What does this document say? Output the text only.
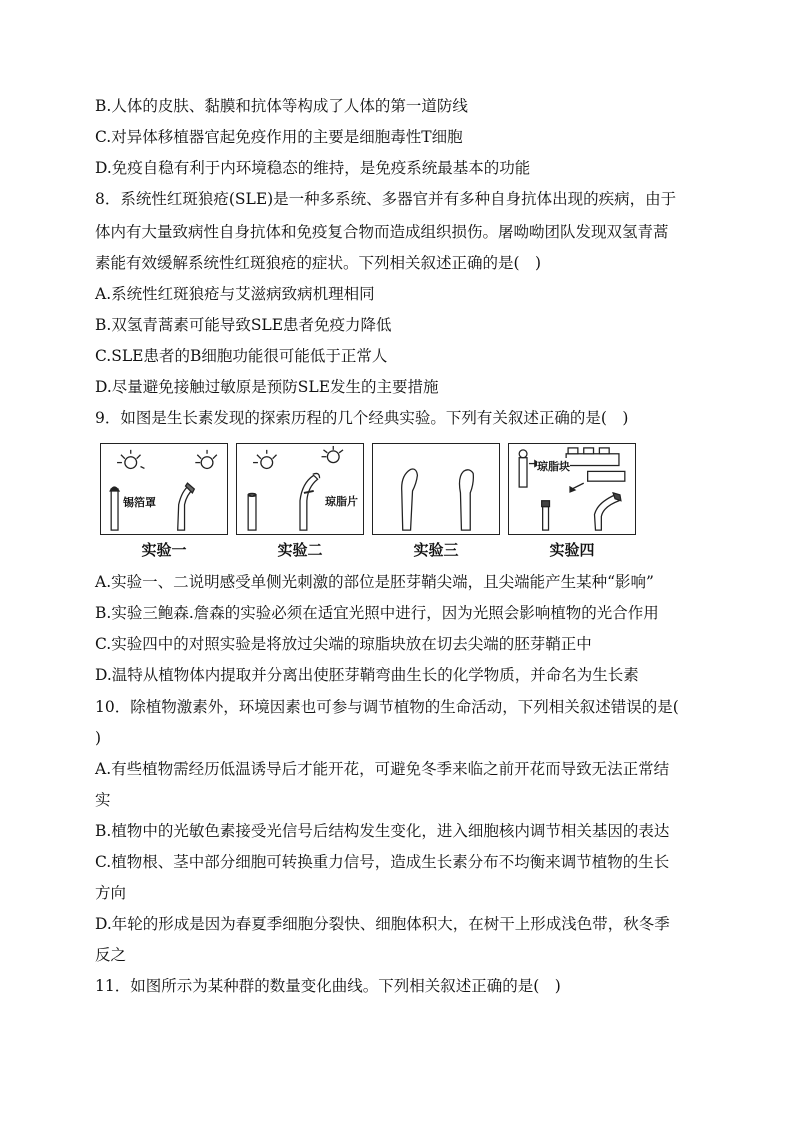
B.人体的皮肤、黏膜和抗体等构成了人体的第一道防线
C.对异体移植器官起免疫作用的主要是细胞毒性T细胞
D.免疫自稳有利于内环境稳态的维持，是免疫系统最基本的功能
8．系统性红斑狼疮(SLE)是一种多系统、多器官并有多种自身抗体出现的疾病，由于
体内有大量致病性自身抗体和免疫复合物而造成组织损伤。屠呦呦团队发现双氢青蒿
素能有效缓解系统性红斑狼疮的症状。下列相关叙述正确的是(　)
A.系统性红斑狼疮与艾滋病致病机理相同
B.双氢青蒿素可能导致SLE患者免疫力降低
C.SLE患者的B细胞功能很可能低于正常人
D.尽量避免接触过敏原是预防SLE发生的主要措施
9．如图是生长素发现的探索历程的几个经典实验。下列有关叙述正确的是(　)
锡箔罩
实验一
琼脂片
实验二	实验三
琼脂块
实验四
A.实验一、二说明感受单侧光刺激的部位是胚芽鞘尖端，且尖端能产生某种“影响”
B.实验三鲍森.詹森的实验必须在适宜光照中进行，因为光照会影响植物的光合作用
C.实验四中的对照实验是将放过尖端的琼脂块放在切去尖端的胚芽鞘正中
D.温特从植物体内提取并分离出使胚芽鞘弯曲生长的化学物质，并命名为生长素
10．除植物激素外，环境因素也可参与调节植物的生命活动，下列相关叙述错误的是(
)
A.有些植物需经历低温诱导后才能开花，可避免冬季来临之前开花而导致无法正常结
实
B.植物中的光敏色素接受光信号后结构发生变化，进入细胞核内调节相关基因的表达
C.植物根、茎中部分细胞可转换重力信号，造成生长素分布不均衡来调节植物的生长
方向
D.年轮的形成是因为春夏季细胞分裂快、细胞体积大，在树干上形成浅色带，秋冬季
反之
11．如图所示为某种群的数量变化曲线。下列相关叙述正确的是(　)
